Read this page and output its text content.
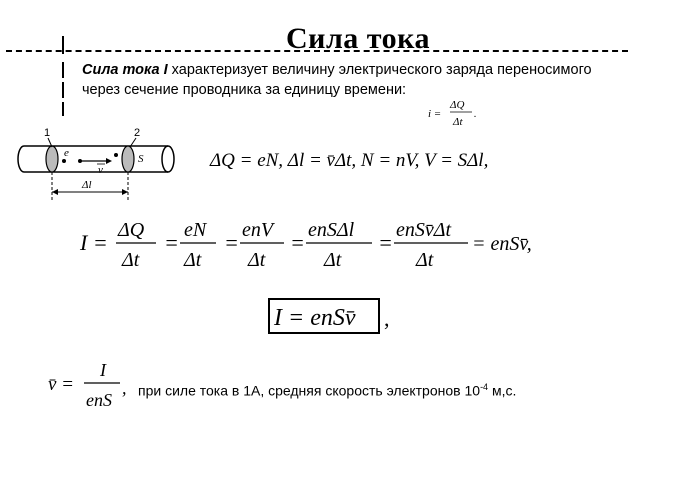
Сила тока
Сила тока I характеризует величину электрического заряда переносимого через сечение проводника за единицу времени:
i =
ΔQ
Δt
.
1	2
e
v
S
Δl
ΔQ = eN, Δl = v̄Δt, N = nV, V = SΔl,
I = ΔQ
Δt
= eN
Δt
= enV
Δt
= enSΔl
Δt
= enSv̄Δt
Δt
= enSv̄,
I = enSv̄ ,
v̄ =
I
enS
, при силе тока в 1А, средняя скорость электронов $10^{-4}$ м,с.
